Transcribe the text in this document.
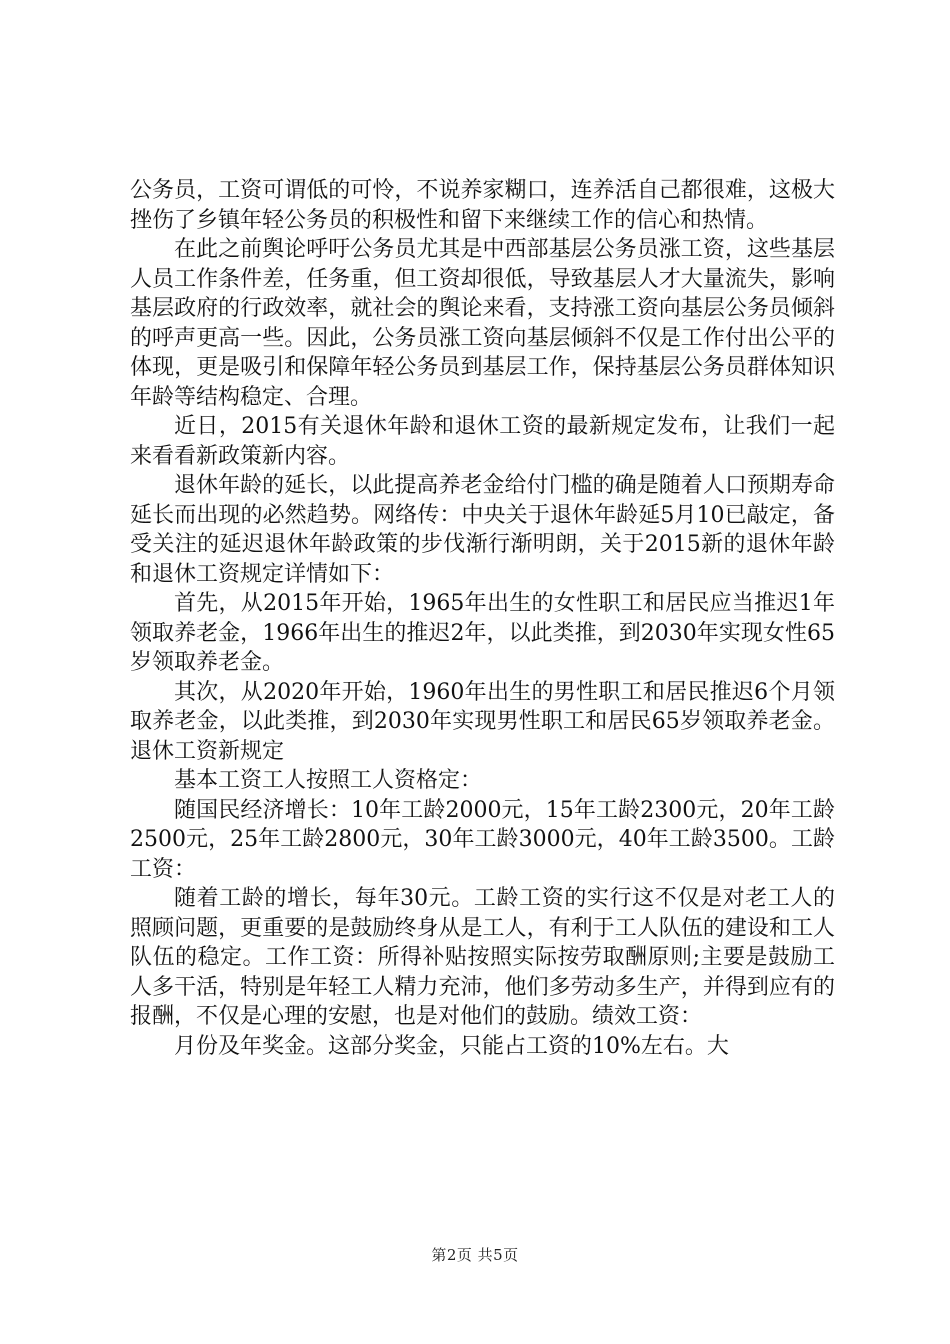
公务员，工资可谓低的可怜，不说养家糊口，连养活自己都很难，这极大挫伤了乡镇年轻公务员的积极性和留下来继续工作的信心和热情。

在此之前舆论呼吁公务员尤其是中西部基层公务员涨工资，这些基层人员工作条件差，任务重，但工资却很低，导致基层人才大量流失，影响基层政府的行政效率，就社会的舆论来看，支持涨工资向基层公务员倾斜的呼声更高一些。因此，公务员涨工资向基层倾斜不仅是工作付出公平的体现，更是吸引和保障年轻公务员到基层工作，保持基层公务员群体知识年龄等结构稳定、合理。

近日，2015有关退休年龄和退休工资的最新规定发布，让我们一起来看看新政策新内容。

退休年龄的延长，以此提高养老金给付门槛的确是随着人口预期寿命延长而出现的必然趋势。网络传：中央关于退休年龄延5月10已敲定，备受关注的延迟退休年龄政策的步伐渐行渐明朗，关于2015新的退休年龄和退休工资规定详情如下：

首先，从2015年开始，1965年出生的女性职工和居民应当推迟1年领取养老金，1966年出生的推迟2年，以此类推，到2030年实现女性65岁领取养老金。

其次，从2020年开始，1960年出生的男性职工和居民推迟6个月领取养老金，以此类推，到2030年实现男性职工和居民65岁领取养老金。退休工资新规定

基本工资工人按照工人资格定：

随国民经济增长：10年工龄2000元，15年工龄2300元，20年工龄2500元，25年工龄2800元，30年工龄3000元，40年工龄3500。工龄工资：

随着工龄的增长，每年30元。工龄工资的实行这不仅是对老工人的照顾问题，更重要的是鼓励终身从是工人，有利于工人队伍的建设和工人队伍的稳定。工作工资：所得补贴按照实际按劳取酬原则;主要是鼓励工人多干活，特别是年轻工人精力充沛，他们多劳动多生产，并得到应有的报酬，不仅是心理的安慰，也是对他们的鼓励。绩效工资：

月份及年奖金。这部分奖金，只能占工资的10%左右。大

第2页 共5页
